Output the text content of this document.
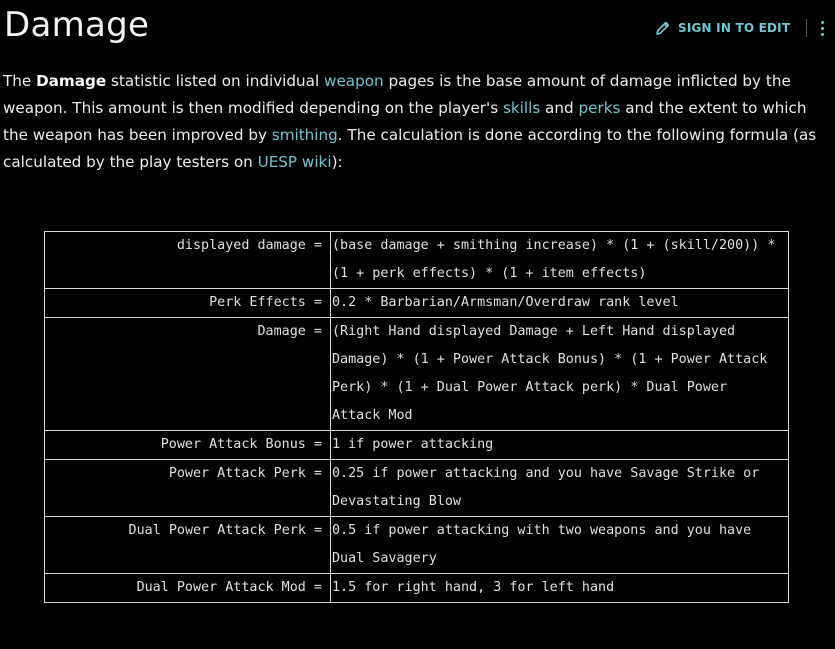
Damage	SIGN IN TO EDIT

The Damage statistic listed on individual weapon pages is the base amount of damage inflicted by the weapon. This amount is then modified depending on the player's skills and perks and the extent to which the weapon has been improved by smithing. The calculation is done according to the following formula (as calculated by the play testers on UESP wiki):

displayed damage =	(base damage + smithing increase) * (1 + (skill/200)) * (1 + perk effects) * (1 + item effects)
Perk Effects =	0.2 * Barbarian/Armsman/Overdraw rank level
Damage =	(Right Hand displayed Damage + Left Hand displayed Damage) * (1 + Power Attack Bonus) * (1 + Power Attack Perk) * (1 + Dual Power Attack perk) * Dual Power Attack Mod
Power Attack Bonus =	1 if power attacking
Power Attack Perk =	0.25 if power attacking and you have Savage Strike or Devastating Blow
Dual Power Attack Perk =	0.5 if power attacking with two weapons and you have Dual Savagery
Dual Power Attack Mod =	1.5 for right hand, 3 for left hand
